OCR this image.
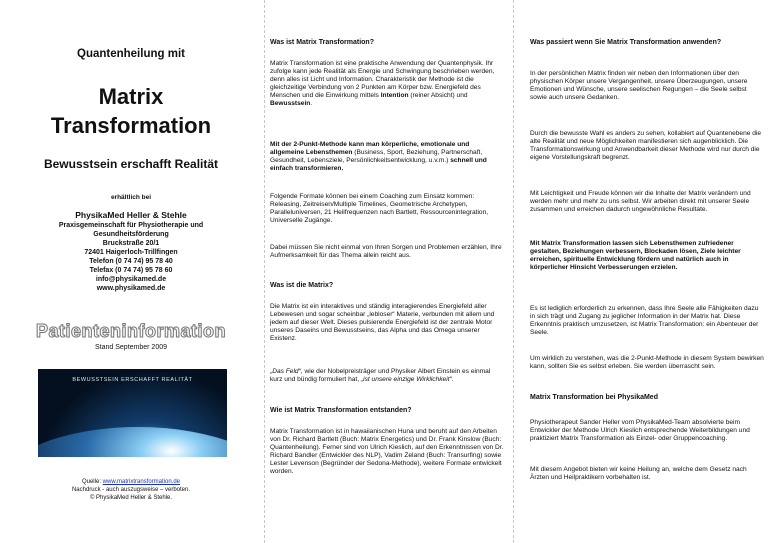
Quantenheilung mit
Matrix
Transformation
Bewusstsein erschafft Realität
erhältlich bei
PhysikaMed Heller & Stehle
Praxisgemeinschaft für Physiotherapie und
Gesundheitsförderung
Bruckstraße 20/1
72401 Haigerloch-Trillfingen
Telefon (0 74 74) 95 78 40
Telefax (0 74 74) 95 78 60
info@physikamed.de
www.physikamed.de
Patienteninformation
Stand September 2009
BEWUSSTSEIN ERSCHAFFT REALITÄT
Quelle: www.matrixtransformation.de
Nachdruck - auch auszugsweise – verboten.
© PhysikaMed Heller & Stehle.
Was ist Matrix Transformation?

Matrix Transformation ist eine praktische Anwendung der Quantenphysik. Ihr zufolge kann jede Realität als Energie und Schwingung beschrieben werden, denn alles ist Licht und Information. Charakteristik der Methode ist die gleichzeitige Verbindung von 2 Punkten am Körper bzw. Energiefeld des Menschen und die Einwirkung mittels Intention (reiner Absicht) und Bewusstsein.

Mit der 2-Punkt-Methode kann man körperliche, emotionale und allgemeine Lebensthemen (Business, Sport, Beziehung, Partnerschaft, Gesundheit, Lebensziele, Persönlichkeitsentwicklung, u.v.m.) schnell und einfach transformieren.

Folgende Formate können bei einem Coaching zum Einsatz kommen: Releasing, Zeitreisen/Multiple Timelines, Geometrische Archetypen, Paralleluniversen, 21 Heilfrequenzen nach Bartlett, Ressourcenintegration, Universelle Zugänge.

Dabei müssen Sie nicht einmal von Ihren Sorgen und Problemen erzählen, Ihre Aufmerksamkeit für das Thema allein reicht aus.

Was ist die Matrix?

Die Matrix ist ein interaktives und ständig interagierendes Energiefeld aller Lebewesen und sogar scheinbar „lebloser“ Materie, verbunden mit allem und jedem auf dieser Welt. Dieses pulsierende Energiefeld ist der zentrale Motor unseres Daseins und Bewusstseins, das Alpha und das Omega unserer Existenz.

„Das Feld“, wie der Nobelpreisträger und Physiker Albert Einstein es einmal kurz und bündig formuliert hat, „ist unsere einzige Wirklichkeit“.

Wie ist Matrix Transformation entstanden?

Matrix Transformation ist in hawaiianischen Huna und beruht auf den Arbeiten von Dr. Richard Bartlett (Buch: Matrix Energetics) und Dr. Frank Kinslow (Buch: Quantenheilung). Ferner sind von Ulrich Kieslich, auf den Erkenntnissen von Dr. Richard Bandler (Entwickler des NLP), Vadim Zeland (Buch: Transurfing) sowie Lester Levenson (Begründer der Sedona-Methode), weitere Formate entwickelt worden.

Was passiert wenn Sie Matrix Transformation anwenden?

In der persönlichen Matrix finden wir neben den Informationen über den physischen Körper unsere Vergangenheit, unsere Überzeugungen, unsere Emotionen und Wünsche, unsere seelischen Regungen – die Seele selbst sowie auch unsere Gedanken.

Durch die bewusste Wahl es anders zu sehen, kollabiert auf Quantenebene die alte Realität und neue Möglichkeiten manifestieren sich augenblicklich. Die Transformationswirkung und Anwendbarkeit dieser Methode wird nur durch die eigene Vorstellungskraft begrenzt.

Mit Leichtigkeit und Freude können wir die Inhalte der Matrix verändern und werden mehr und mehr zu uns selbst. Wir arbeiten direkt mit unserer Seele zusammen und erreichen dadurch ungewöhnliche Resultate.

Mit Matrix Transformation lassen sich Lebensthemen zufriedener gestalten, Beziehungen verbessern, Blockaden lösen, Ziele leichter erreichen, spirituelle Entwicklung fördern und natürlich auch in körperlicher Hinsicht Verbesserungen erzielen.

Es ist lediglich erforderlich zu erkennen, dass Ihre Seele alle Fähigkeiten dazu in sich trägt und Zugang zu jeglicher Information in der Matrix hat. Diese Erkenntnis praktisch umzusetzen, ist Matrix Transformation: ein Abenteuer der Seele.

Um wirklich zu verstehen, was die 2-Punkt-Methode in diesem System bewirken kann, sollten Sie es selbst erleben. Sie werden überrascht sein.

Matrix Transformation bei PhysikaMed

Physiotherapeut Sander Heller vom PhysikaMed-Team absolvierte beim Entwickler der Methode Ulrich Kieslich entsprechende Weiterbildungen und praktiziert Matrix Transformation als Einzel- oder Gruppencoaching.

Mit diesem Angebot bieten wir keine Heilung an, welche dem Gesetz nach Ärzten und Heilpraktikern vorbehalten ist.
